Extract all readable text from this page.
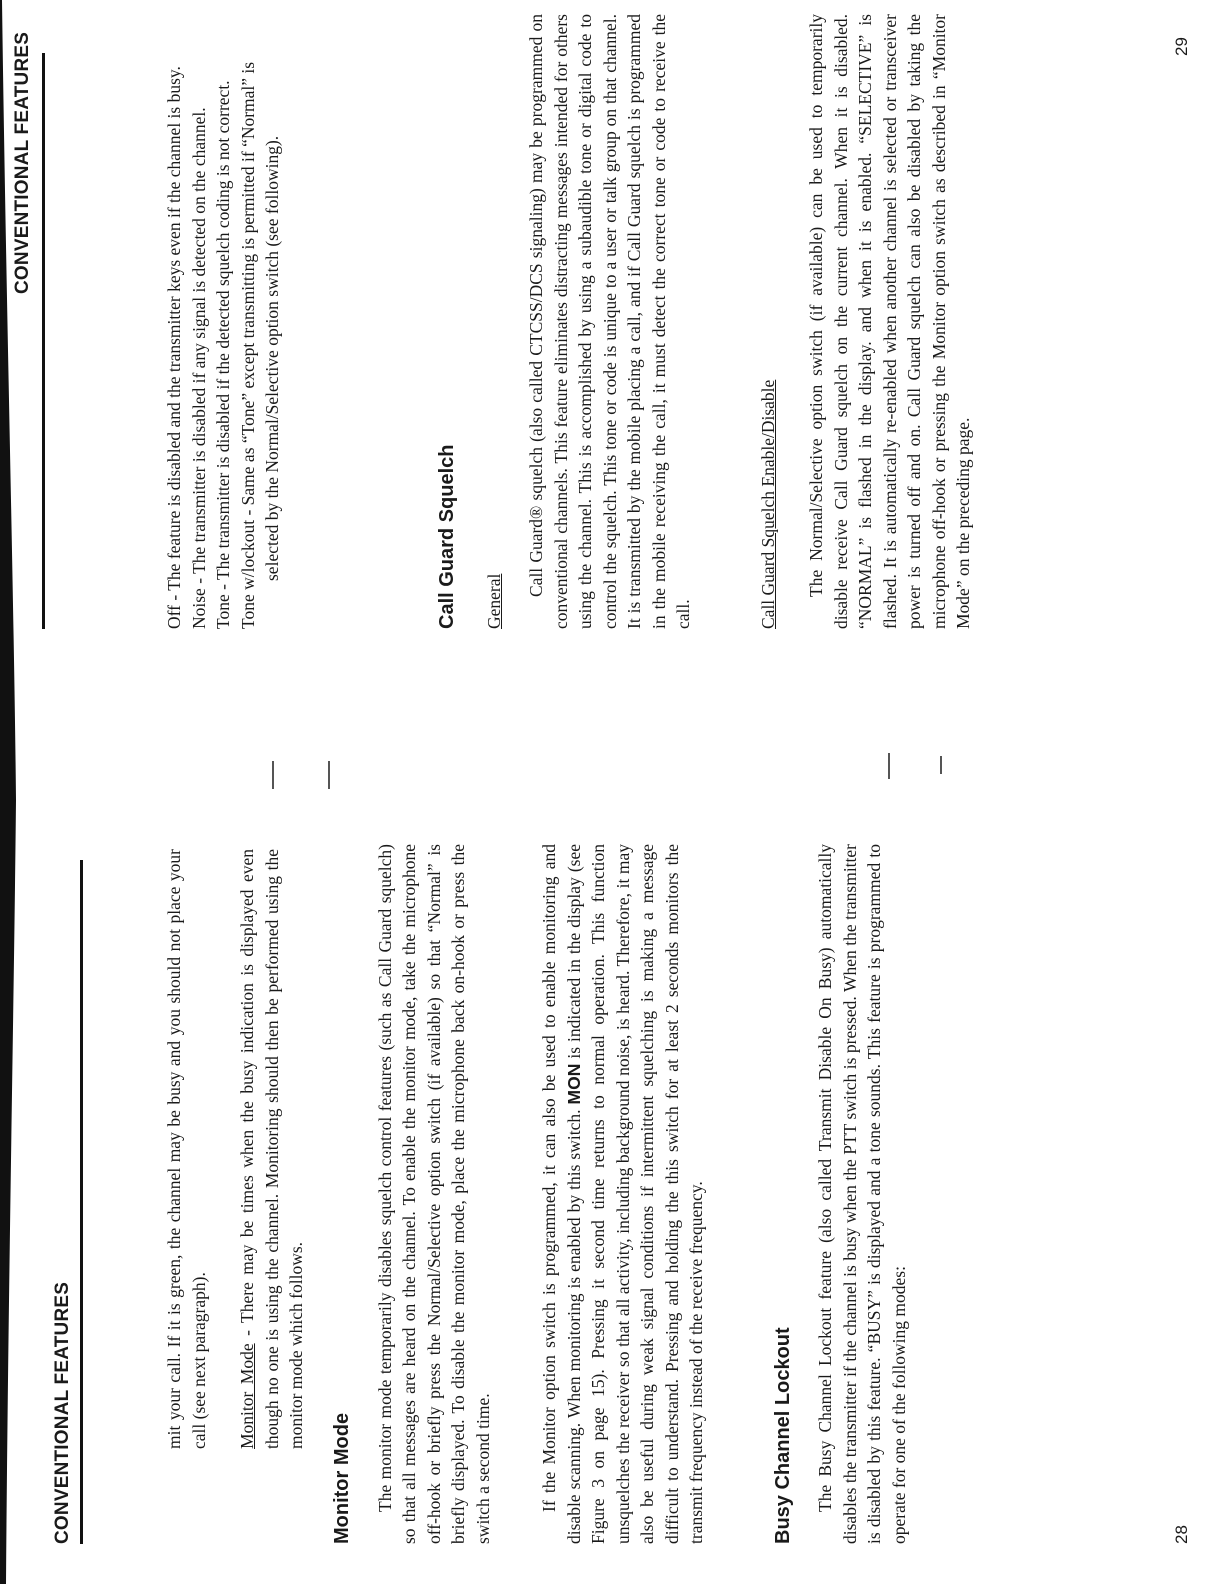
CONVENTIONAL FEATURES	mit your call. If it is green, the channel may be busy and you should not place your call (see next paragraph). Monitor Mode - There may be times when the busy indication is displayed even though no one is using the channel. Monitoring should then be performed using the monitor mode which follows.

Monitor Mode The monitor mode temporarily disables squelch control features (such as Call Guard squelch) so that all messages are heard on the channel. To enable the monitor mode, take the microphone off-hook or briefly press the Normal/Selective option switch (if available) so that “Normal” is briefly displayed. To disable the monitor mode, place the microphone back on-hook or press the switch a second time.	If the Monitor option switch is programmed, it can also be used to enable monitoring and disable scanning. When monitoring is enabled by this switch. MON is indicated in the display (see Figure 3 on page 15). Pressing it second time returns to normal operation. This function unsquelches the receiver so that all activity, including background noise, is heard. Therefore, it may also be useful during weak signal conditions if intermittent squelching is making a message difficult to understand. Pressing and holding the this switch for at least 2 seconds monitors the transmit frequency instead of the receive frequency.	Busy Channel Lockout The Busy Channel Lockout feature (also called Transmit Disable On Busy) automatically disables the transmitter if the channel is busy when the PTT switch is pressed. When the transmitter is disabled by this feature. “BUSY” is displayed and a tone sounds. This feature is programmed to operate for one of the following modes:	28
CONVENTIONAL FEATURES	Off - The feature is disabled and the transmitter keys even if the channel is busy. Noise - The transmitter is disabled if any signal is detected on the channel. Tone - The transmitter is disabled if the detected squelch coding is not correct. Tone w/lockout - Same as “Tone” except transmitting is permitted if “Normal” is selected by the Normal/Selective option switch (see following).	Call Guard Squelch General

Call Guard® squelch (also called CTCSS/DCS signaling) may be programmed on conventional channels. This feature eliminates distracting messages intended for others using the channel. This is accomplished by using a subaudible tone or digital code to control the squelch. This tone or code is unique to a user or talk group on that channel. It is transmitted by the mobile placing a call, and if Call Guard squelch is programmed in the mobile receiving the call, it must detect the correct tone or code to receive the call.	Call Guard Squelch Enable/Disable The Normal/Selective option switch (if available) can be used to temporarily disable receive Call Guard squelch on the current channel. When it is disabled. “NORMAL” is flashed in the display. and when it is enabled. “SELECTIVE” is flashed. It is automatically re-enabled when another channel is selected or transceiver power is turned off and on. Call Guard squelch can also be disabled by taking the microphone off-hook or pressing the Monitor option switch as described in “Monitor Mode” on the preceding page.

29
